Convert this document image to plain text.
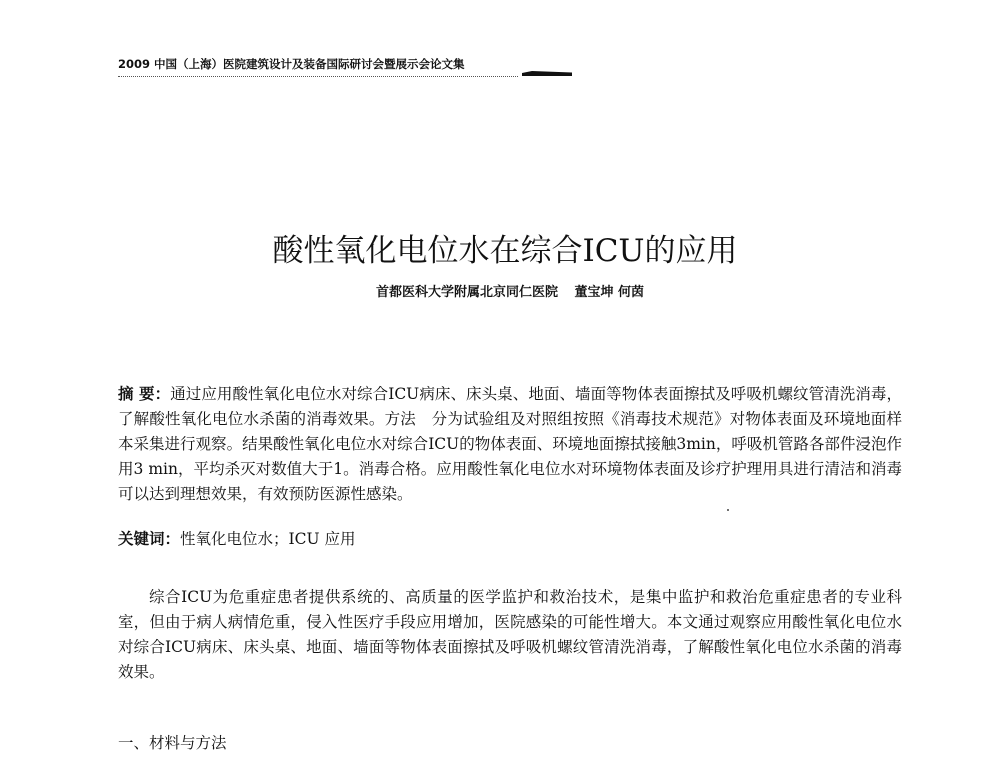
2009 中国（上海）医院建筑设计及装备国际研讨会暨展示会论文集
酸性氧化电位水在综合ICU的应用
首都医科大学附属北京同仁医院 董宝坤 何茵
摘 要：通过应用酸性氧化电位水对综合ICU病床、床头桌、地面、墙面等物体表面擦拭及呼吸机螺纹管清洗消毒，了解酸性氧化电位水杀菌的消毒效果。方法　分为试验组及对照组按照《消毒技术规范》对物体表面及环境地面样本采集进行观察。结果酸性氧化电位水对综合ICU的物体表面、环境地面擦拭接触3min，呼吸机管路各部件浸泡作用3 min，平均杀灭对数值大于1。消毒合格。应用酸性氧化电位水对环境物体表面及诊疗护理用具进行清洁和消毒可以达到理想效果，有效预防医源性感染。
关键词：性氧化电位水；ICU 应用
综合ICU为危重症患者提供系统的、高质量的医学监护和救治技术，是集中监护和救治危重症患者的专业科室，但由于病人病情危重，侵入性医疗手段应用增加，医院感染的可能性增大。本文通过观察应用酸性氧化电位水对综合ICU病床、床头桌、地面、墙面等物体表面擦拭及呼吸机螺纹管清洗消毒，了解酸性氧化电位水杀菌的消毒效果。
一、材料与方法
